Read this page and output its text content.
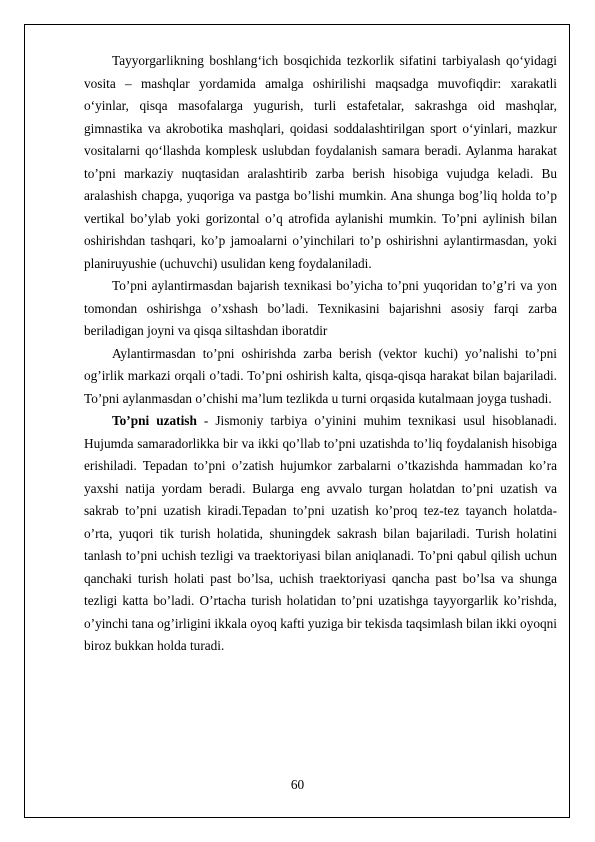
Tayyorgarlikning boshlang‘ich bosqichida tezkorlik sifatini tarbiyalash qo‘yidagi vosita – mashqlar yordamida amalga oshirilishi maqsadga muvofiqdir: xarakatli o‘yinlar, qisqa masofalarga yugurish, turli estafetalar, sakrashga oid mashqlar, gimnastika va akrobotika mashqlari, qoidasi soddalashtirilgan sport o‘yinlari, mazkur vositalarni qo‘llashda komplesk uslubdan foydalanish samara beradi. Aylanma harakat to’pni markaziy nuqtasidan aralashtirib zarba berish hisobiga vujudga keladi. Bu aralashish chapga, yuqoriga va pastga bo’lishi mumkin. Ana shunga bog’liq holda to’p vertikal bo’ylab yoki gorizontal o’q atrofida aylanishi mumkin. To’pni aylinish bilan oshirishdan tashqari, ko’p jamoalarni o’yinchilari to’p oshirishni aylantirmasdan, yoki planiruyushie (uchuvchi) usulidan keng foydalaniladi.

To’pni aylantirmasdan bajarish texnikasi bo’yicha to’pni yuqoridan to’g’ri va yon tomondan oshirishga o’xshash bo’ladi. Texnikasini bajarishni asosiy farqi zarba beriladigan joyni va qisqa siltashdan iboratdir

Aylantirmasdan to’pni oshirishda zarba berish (vektor kuchi) yo’nalishi to’pni og’irlik markazi orqali o’tadi. To’pni oshirish kalta, qisqa-qisqa harakat bilan bajariladi. To’pni aylanmasdan o’chishi ma’lum tezlikda u turni orqasida kutalmaan joyga tushadi.

To’pni uzatish - Jismoniy tarbiya o’yinini muhim texnikasi usul hisoblanadi. Hujumda samaradorlikka bir va ikki qo’llab to’pni uzatishda to’liq foydalanish hisobiga erishiladi. Tepadan to’pni o’zatish hujumkor zarbalarni o’tkazishda hammadan ko’ra yaxshi natija yordam beradi. Bularga eng avvalo turgan holatdan to’pni uzatish va sakrab to’pni uzatish kiradi.Tepadan to’pni uzatish ko’proq tez-tez tayanch holatda-o’rta, yuqori tik turish holatida, shuningdek sakrash bilan bajariladi. Turish holatini tanlash to’pni uchish tezligi va traektoriyasi bilan aniqlanadi. To’pni qabul qilish uchun qanchaki turish holati past bo’lsa, uchish traektoriyasi qancha past bo’lsa va shunga tezligi katta bo’ladi. O’rtacha turish holatidan to’pni uzatishga tayyorgarlik ko’rishda, o’yinchi tana og’irligini ikkala oyoq kafti yuziga bir tekisda taqsimlash bilan ikki oyoqni biroz bukkan holda turadi.

60
